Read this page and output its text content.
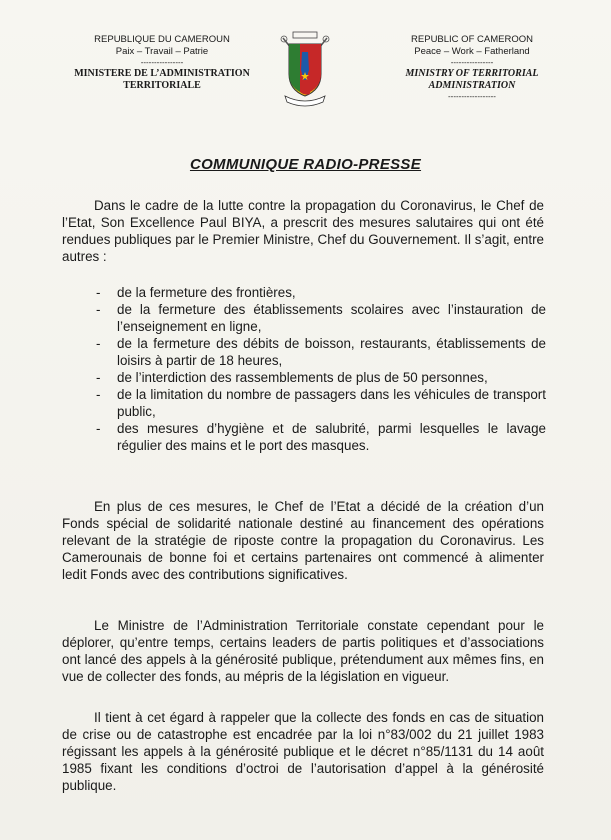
REPUBLIQUE DU CAMEROUN
Paix – Travail – Patrie
----------------
MINISTERE DE L’ADMINISTRATION
TERRITORIALE
REPUBLIC OF CAMEROON
Peace – Work – Fatherland
----------------
MINISTRY OF TERRITORIAL
ADMINISTRATION
------------------
COMMUNIQUE RADIO-PRESSE

Dans le cadre de la lutte contre la propagation du Coronavirus, le Chef de l’Etat, Son Excellence Paul BIYA, a prescrit des mesures salutaires qui ont été rendues publiques par le Premier Ministre, Chef du Gouvernement. Il s’agit, entre autres :

- de la fermeture des frontières,
- de la fermeture des établissements scolaires avec l’instauration de l’enseignement en ligne,
- de la fermeture des débits de boisson, restaurants, établissements de loisirs à partir de 18 heures,
- de l’interdiction des rassemblements de plus de 50 personnes,
- de la limitation du nombre de passagers dans les véhicules de transport public,
- des mesures d’hygiène et de salubrité, parmi lesquelles le lavage régulier des mains et le port des masques.

En plus de ces mesures, le Chef de l’Etat a décidé de la création d’un Fonds spécial de solidarité nationale destiné au financement des opérations relevant de la stratégie de riposte contre la propagation du Coronavirus. Les Camerounais de bonne foi et certains partenaires ont commencé à alimenter ledit Fonds avec des contributions significatives.

Le Ministre de l’Administration Territoriale constate cependant pour le déplorer, qu’entre temps, certains leaders de partis politiques et d’associations ont lancé des appels à la générosité publique, prétendument aux mêmes fins, en vue de collecter des fonds, au mépris de la législation en vigueur.

Il tient à cet égard à rappeler que la collecte des fonds en cas de situation de crise ou de catastrophe est encadrée par la loi n°83/002 du 21 juillet 1983 régissant les appels à la générosité publique et le décret n°85/1131 du 14 août 1985 fixant les conditions d’octroi de l’autorisation d’appel à la générosité publique.
